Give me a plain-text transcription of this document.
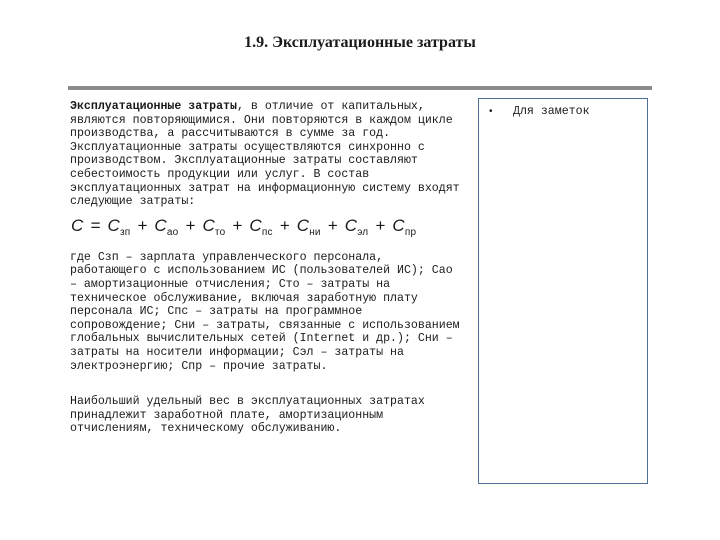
1.9. Эксплуатационные затраты

Эксплуатационные затраты, в отличие от капитальных, являются повторяющимися. Они повторяются в каждом цикле производства, а рассчитываются в сумме за год. Эксплуатационные затраты осуществляются синхронно с производством. Эксплуатационные затраты составляют себестоимость продукции или услуг. В состав эксплуатационных затрат на информационную систему входят следующие затраты:

$C = C_{зп} + C_{ао} + C_{то} + C_{пс} + C_{ни} + C_{эл} + C_{пр}$

где Сзп – зарплата управленческого персонала, работающего с использованием ИС (пользователей ИС); Сао – амортизационные отчисления; Сто – затраты на техническое обслуживание, включая заработную плату персонала ИС; Спс – затраты на программное сопровождение; Сни – затраты, связанные с использованием глобальных вычислительных сетей (Internet и др.); Сни – затраты на носители информации; Сэл – затраты на электроэнергию; Спр – прочие затраты.

Наибольший удельный вес в эксплуатационных затратах принадлежит заработной плате, амортизационным отчислениям, техническому обслуживанию.

• Для заметок
